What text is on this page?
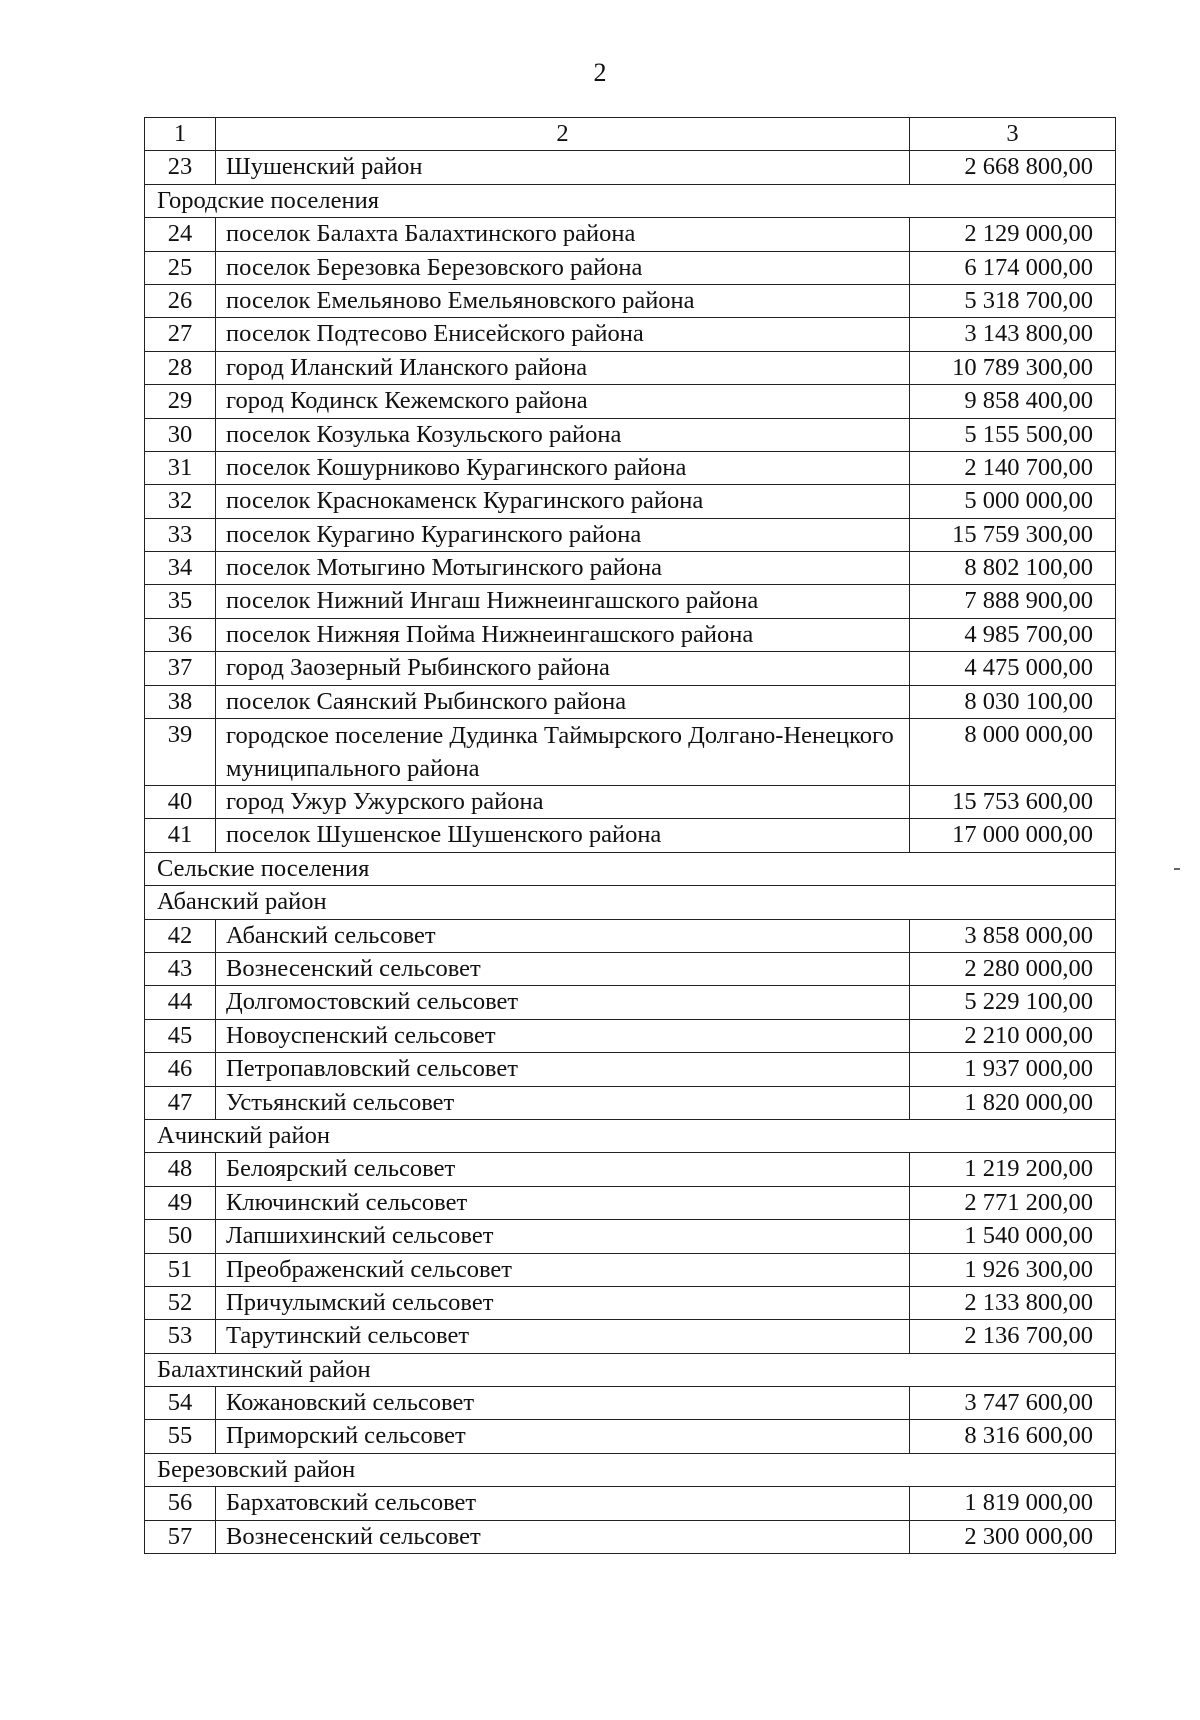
2
1	2	3
23	Шушенский район	2 668 800,00
Городские поселения		
24	поселок Балахта Балахтинского района	2 129 000,00
25	поселок Березовка Березовского района	6 174 000,00
26	поселок Емельяново Емельяновского района	5 318 700,00
27	поселок Подтесово Енисейского района	3 143 800,00
28	город Иланский Иланского района	10 789 300,00
29	город Кодинск Кежемского района	9 858 400,00
30	поселок Козулька Козульского района	5 155 500,00
31	поселок Кошурниково Курагинского района	2 140 700,00
32	поселок Краснокаменск Курагинского района	5 000 000,00
33	поселок Курагино Курагинского района	15 759 300,00
34	поселок Мотыгино Мотыгинского района	8 802 100,00
35	поселок Нижний Ингаш Нижнеингашского района	7 888 900,00
36	поселок Нижняя Пойма Нижнеингашского района	4 985 700,00
37	город Заозерный Рыбинского района	4 475 000,00
38	поселок Саянский Рыбинского района	8 030 100,00
39	городское поселение Дудинка Таймырского Долгано-Ненецкого муниципального района	8 000 000,00
40	город Ужур Ужурского района	15 753 600,00
41	поселок Шушенское Шушенского района	17 000 000,00
Сельские поселения		
Абанский район		
42	Абанский сельсовет	3 858 000,00
43	Вознесенский сельсовет	2 280 000,00
44	Долгомостовский сельсовет	5 229 100,00
45	Новоуспенский сельсовет	2 210 000,00
46	Петропавловский сельсовет	1 937 000,00
47	Устьянский сельсовет	1 820 000,00
Ачинский район		
48	Белоярский сельсовет	1 219 200,00
49	Ключинский сельсовет	2 771 200,00
50	Лапшихинский сельсовет	1 540 000,00
51	Преображенский сельсовет	1 926 300,00
52	Причулымский сельсовет	2 133 800,00
53	Тарутинский сельсовет	2 136 700,00
Балахтинский район		
54	Кожановский сельсовет	3 747 600,00
55	Приморский сельсовет	8 316 600,00
Березовский район		
56	Бархатовский сельсовет	1 819 000,00
57	Вознесенский сельсовет	2 300 000,00
